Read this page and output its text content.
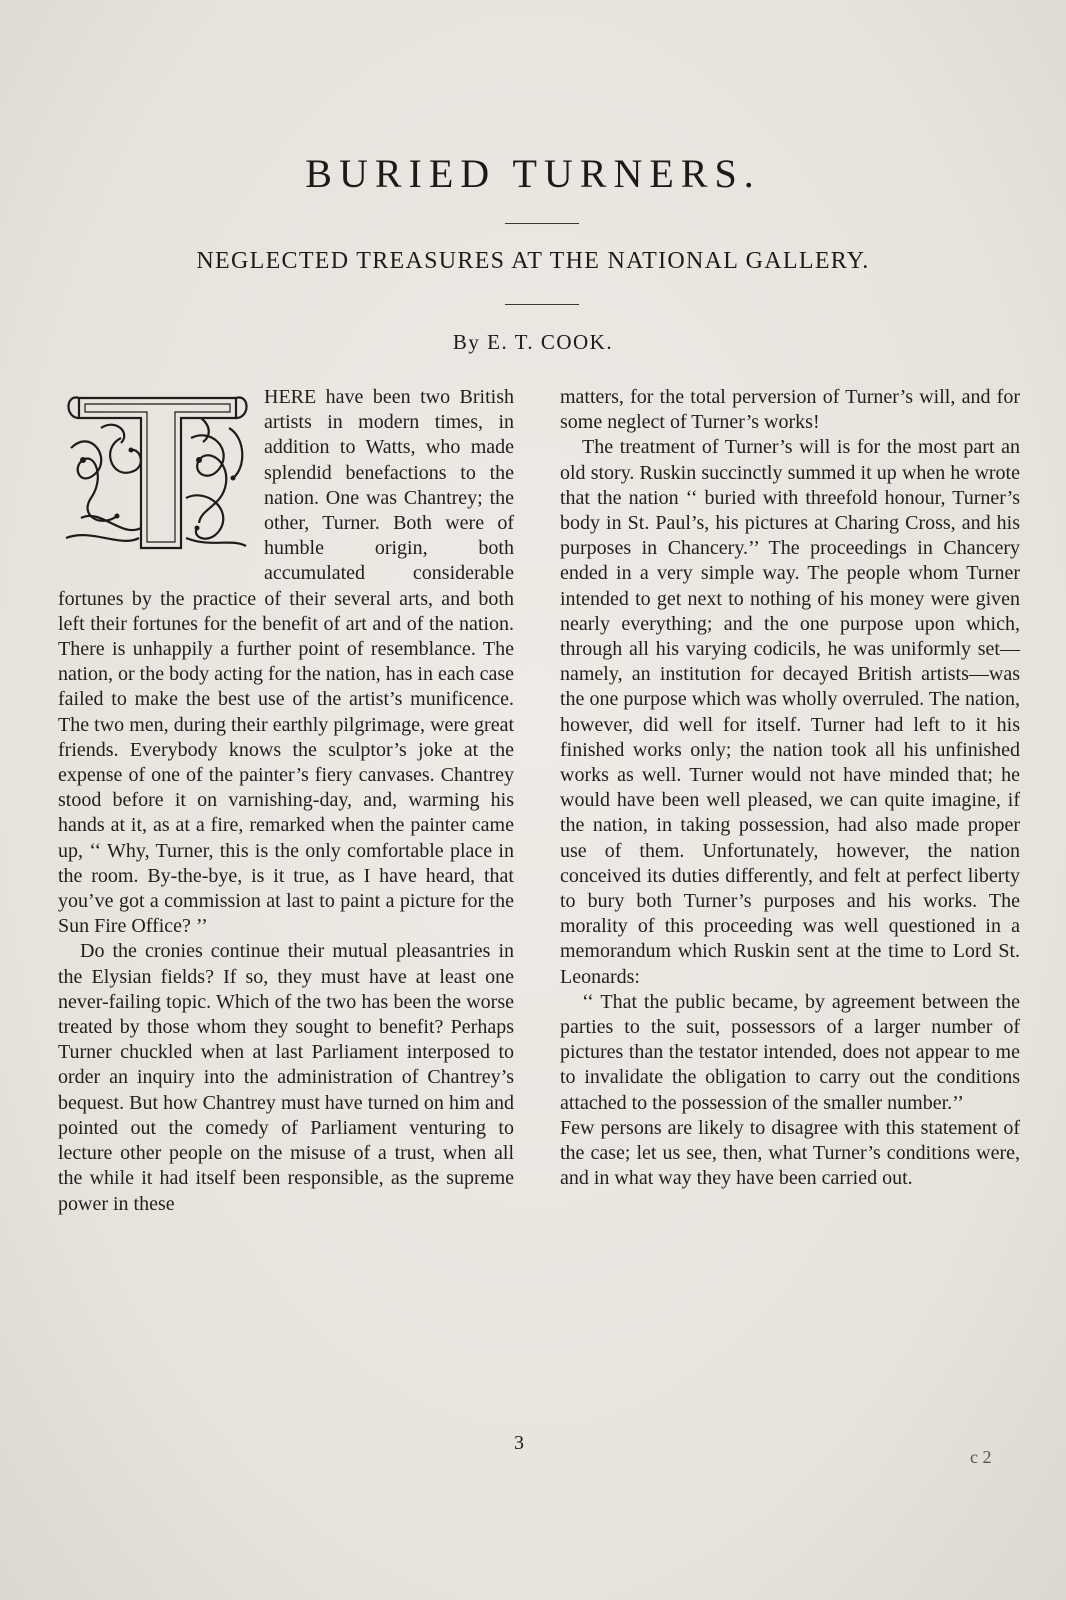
BURIED TURNERS.
NEGLECTED TREASURES AT THE NATIONAL GALLERY.
By E. T. COOK.

HERE have been two British artists in modern times, in addition to Watts, who made splendid benefactions to the nation. One was Chantrey; the other, Turner. Both were of humble origin, both accumulated considerable fortunes by the practice of their several arts, and both left their fortunes for the benefit of art and of the nation. There is unhappily a further point of resemblance. The nation, or the body acting for the nation, has in each case failed to make the best use of the artist’s munificence. The two men, during their earthly pilgrimage, were great friends. Everybody knows the sculptor’s joke at the expense of one of the painter’s fiery canvases. Chantrey stood before it on varnishing-day, and, warming his hands at it, as at a fire, remarked when the painter came up, ‘‘ Why, Turner, this is the only comfortable place in the room. By-the-bye, is it true, as I have heard, that you’ve got a commission at last to paint a picture for the Sun Fire Office? ’’

Do the cronies continue their mutual pleasantries in the Elysian fields? If so, they must have at least one never-failing topic. Which of the two has been the worse treated by those whom they sought to benefit? Perhaps Turner chuckled when at last Parliament interposed to order an inquiry into the administration of Chantrey’s bequest. But how Chantrey must have turned on him and pointed out the comedy of Parliament venturing to lecture other people on the misuse of a trust, when all the while it had itself been responsible, as the supreme power in these

matters, for the total perversion of Turner’s will, and for some neglect of Turner’s works!

The treatment of Turner’s will is for the most part an old story. Ruskin succinctly summed it up when he wrote that the nation ‘‘ buried with threefold honour, Turner’s body in St. Paul’s, his pictures at Charing Cross, and his purposes in Chancery.’’ The proceedings in Chancery ended in a very simple way. The people whom Turner intended to get next to nothing of his money were given nearly everything; and the one purpose upon which, through all his varying codicils, he was uniformly set—namely, an institution for decayed British artists—was the one purpose which was wholly overruled. The nation, however, did well for itself. Turner had left to it his finished works only; the nation took all his unfinished works as well. Turner would not have minded that; he would have been well pleased, we can quite imagine, if the nation, in taking possession, had also made proper use of them. Unfortunately, however, the nation conceived its duties differently, and felt at perfect liberty to bury both Turner’s purposes and his works. The morality of this proceeding was well questioned in a memorandum which Ruskin sent at the time to Lord St. Leonards:

‘‘ That the public became, by agreement between the parties to the suit, possessors of a larger number of pictures than the testator intended, does not appear to me to invalidate the obligation to carry out the conditions attached to the possession of the smaller number.’’

Few persons are likely to disagree with this statement of the case; let us see, then, what Turner’s conditions were, and in what way they have been carried out.

3
c 2
